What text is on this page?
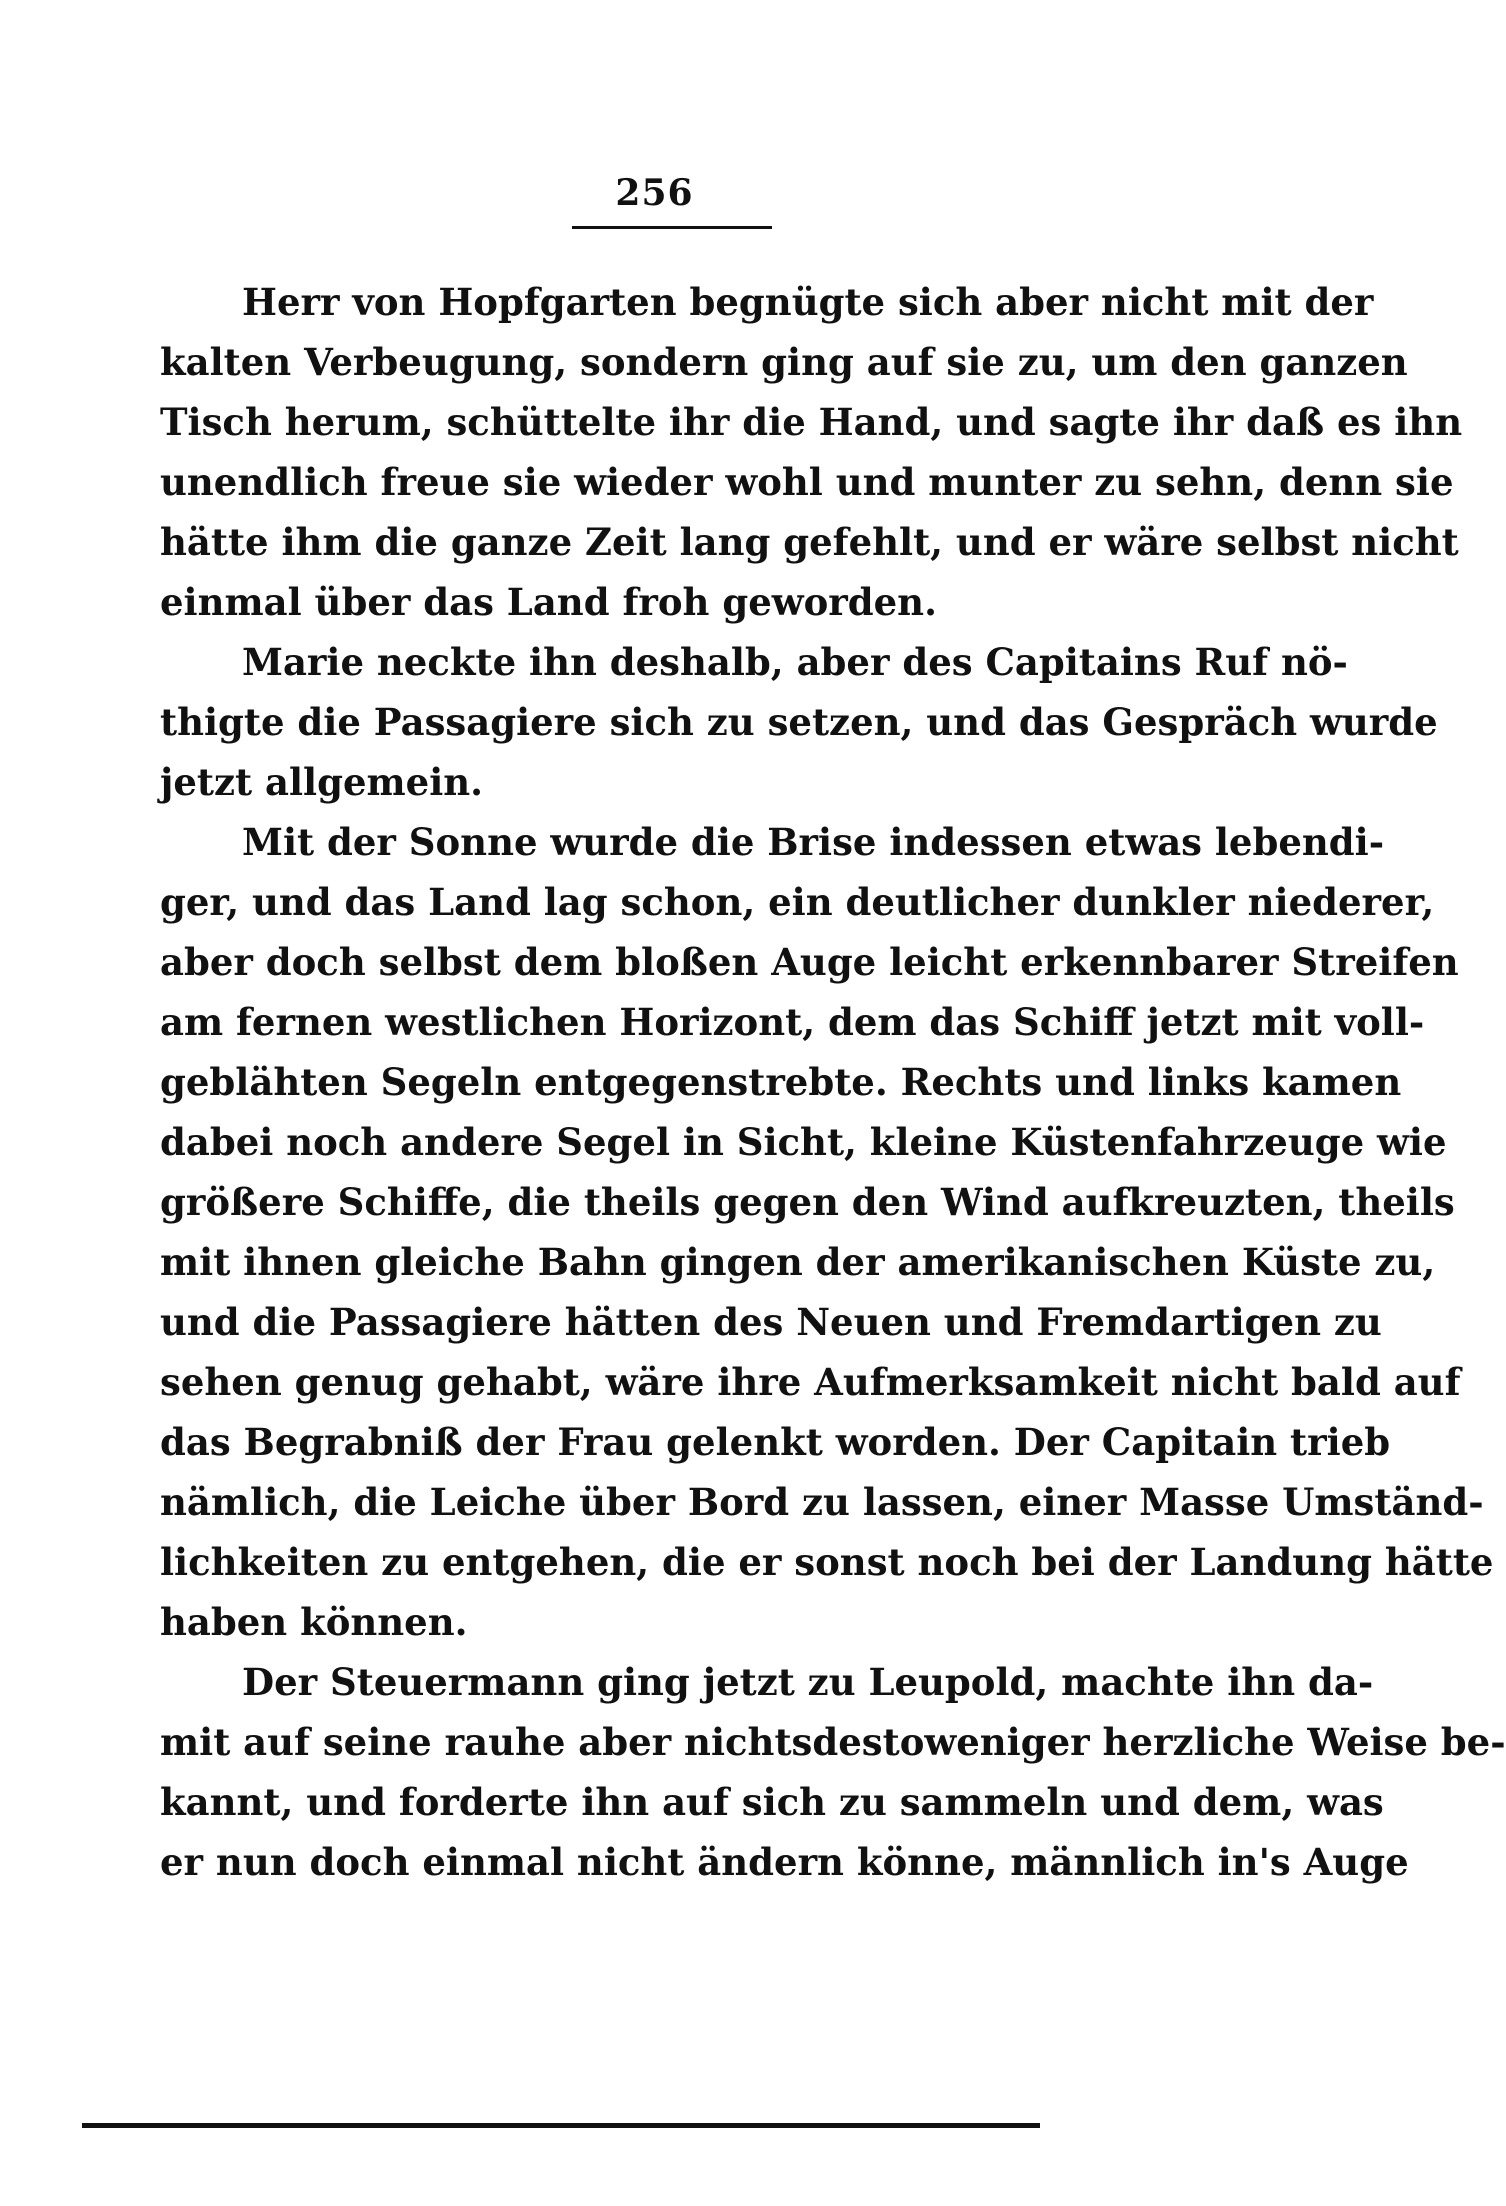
256

Herr von Hopfgarten begnügte sich aber nicht mit der
kalten Verbeugung, sondern ging auf sie zu, um den ganzen
Tisch herum, schüttelte ihr die Hand, und sagte ihr daß es ihn
unendlich freue sie wieder wohl und munter zu sehn, denn sie
hätte ihm die ganze Zeit lang gefehlt, und er wäre selbst nicht
einmal über das Land froh geworden.

Marie neckte ihn deshalb, aber des Capitains Ruf nö-
thigte die Passagiere sich zu setzen, und das Gespräch wurde
jetzt allgemein.

Mit der Sonne wurde die Brise indessen etwas lebendi-
ger, und das Land lag schon, ein deutlicher dunkler niederer,
aber doch selbst dem bloßen Auge leicht erkennbarer Streifen
am fernen westlichen Horizont, dem das Schiff jetzt mit voll-
geblähten Segeln entgegenstrebte. Rechts und links kamen
dabei noch andere Segel in Sicht, kleine Küstenfahrzeuge wie
größere Schiffe, die theils gegen den Wind aufkreuzten, theils
mit ihnen gleiche Bahn gingen der amerikanischen Küste zu,
und die Passagiere hätten des Neuen und Fremdartigen zu
sehen genug gehabt, wäre ihre Aufmerksamkeit nicht bald auf
das Begrabniß der Frau gelenkt worden. Der Capitain trieb
nämlich, die Leiche über Bord zu lassen, einer Masse Umständ-
lichkeiten zu entgehen, die er sonst noch bei der Landung hätte
haben können.

Der Steuermann ging jetzt zu Leupold, machte ihn da-
mit auf seine rauhe aber nichtsdestoweniger herzliche Weise be-
kannt, und forderte ihn auf sich zu sammeln und dem, was
er nun doch einmal nicht ändern könne, männlich in's Auge
